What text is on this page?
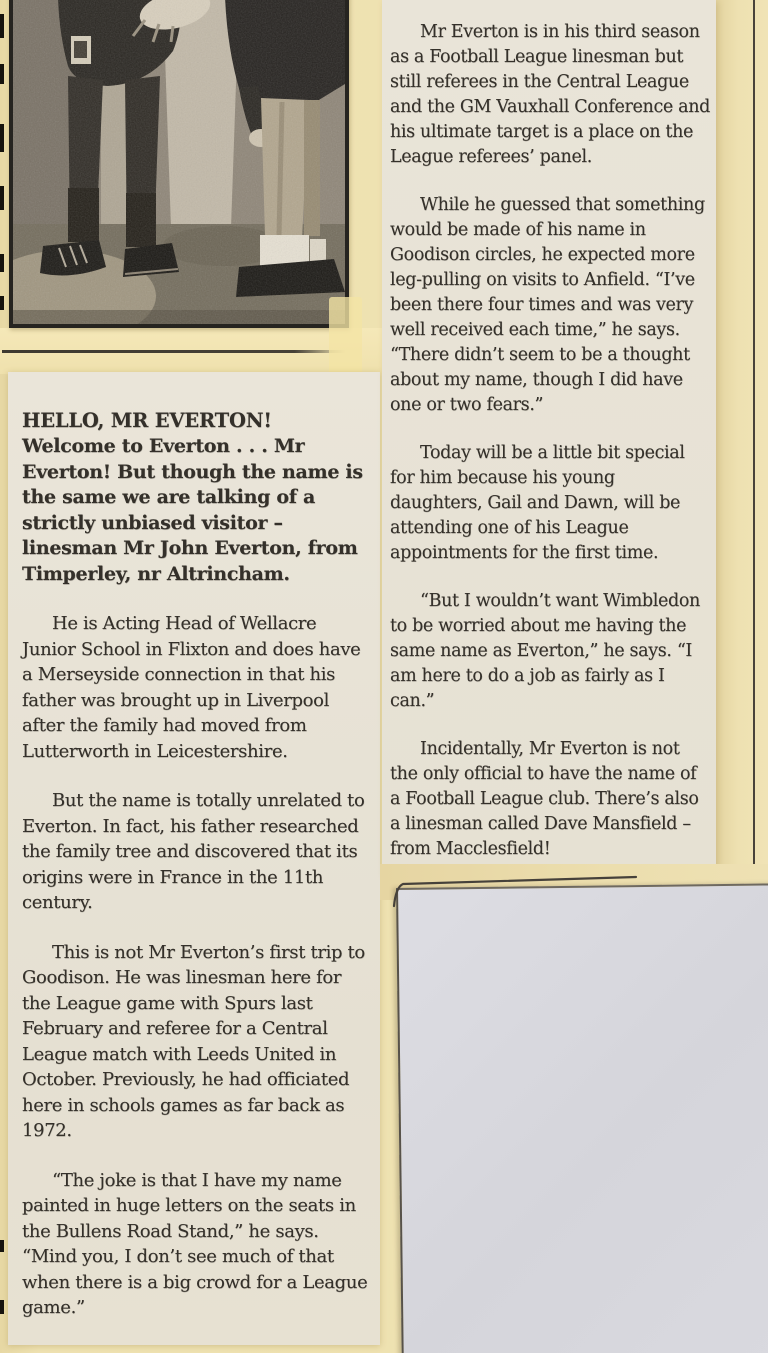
HELLO, MR EVERTON!
Welcome to Everton . . . Mr Everton! But though the name is the same we are talking of a strictly unbiased visitor – linesman Mr John Everton, from Timperley, nr Altrincham.

He is Acting Head of Wellacre Junior School in Flixton and does have a Merseyside connection in that his father was brought up in Liverpool after the family had moved from Lutterworth in Leicestershire.

But the name is totally unrelated to Everton. In fact, his father researched the family tree and discovered that its origins were in France in the 11th century.

This is not Mr Everton’s first trip to Goodison. He was linesman here for the League game with Spurs last February and referee for a Central League match with Leeds United in October. Previously, he had officiated here in schools games as far back as 1972.

“The joke is that I have my name painted in huge letters on the seats in the Bullens Road Stand,” he says. “Mind you, I don’t see much of that when there is a big crowd for a League game.”

Mr Everton is in his third season as a Football League linesman but still referees in the Central League and the GM Vauxhall Conference and his ultimate target is a place on the League referees’ panel.

While he guessed that something would be made of his name in Goodison circles, he expected more leg-pulling on visits to Anfield. “I’ve been there four times and was very well received each time,” he says. “There didn’t seem to be a thought about my name, though I did have one or two fears.”

Today will be a little bit special for him because his young daughters, Gail and Dawn, will be attending one of his League appointments for the first time.

“But I wouldn’t want Wimbledon to be worried about me having the same name as Everton,” he says. “I am here to do a job as fairly as I can.”

Incidentally, Mr Everton is not the only official to have the name of a Football League club. There’s also a linesman called Dave Mansfield – from Macclesfield!
